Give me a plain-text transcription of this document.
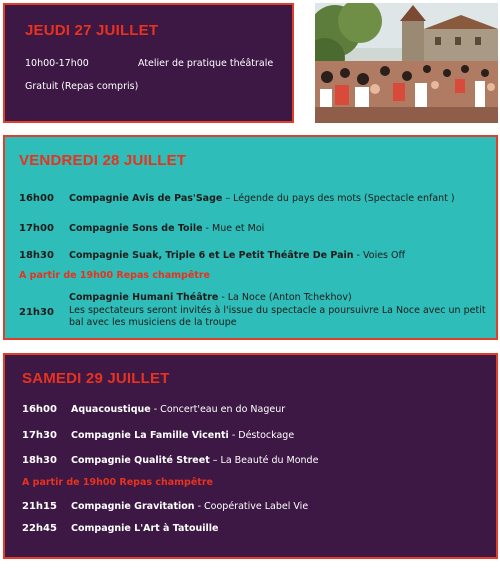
JEUDI 27 JUILLET
10h00-17h00	Atelier de pratique théâtrale
Gratuit (Repas compris)
VENDREDI 28 JUILLET
16h00 Compagnie Avis de Pas'Sage – Légende du pays des mots (Spectacle enfant )
17h00 Compagnie Sons de Toile - Mue et Moi
18h30 Compagnie Suak, Triple 6 et Le Petit Théâtre De Pain - Voies Off
A partir de 19h00 Repas champêtre
21h30
Compagnie Humani Théâtre - La Noce (Anton Tchekhov)
Les spectateurs seront invités à l'issue du spectacle a poursuivre La Noce avec un petit bal avec les musiciens de la troupe
SAMEDI 29 JUILLET
16h00 Aquacoustique - Concert'eau en do Nageur
17h30 Compagnie La Famille Vicenti - Déstockage
18h30 Compagnie Qualité Street – La Beauté du Monde
A partir de 19h00 Repas champêtre
21h15 Compagnie Gravitation - Coopérative Label Vie
22h45 Compagnie L'Art à Tatouille
